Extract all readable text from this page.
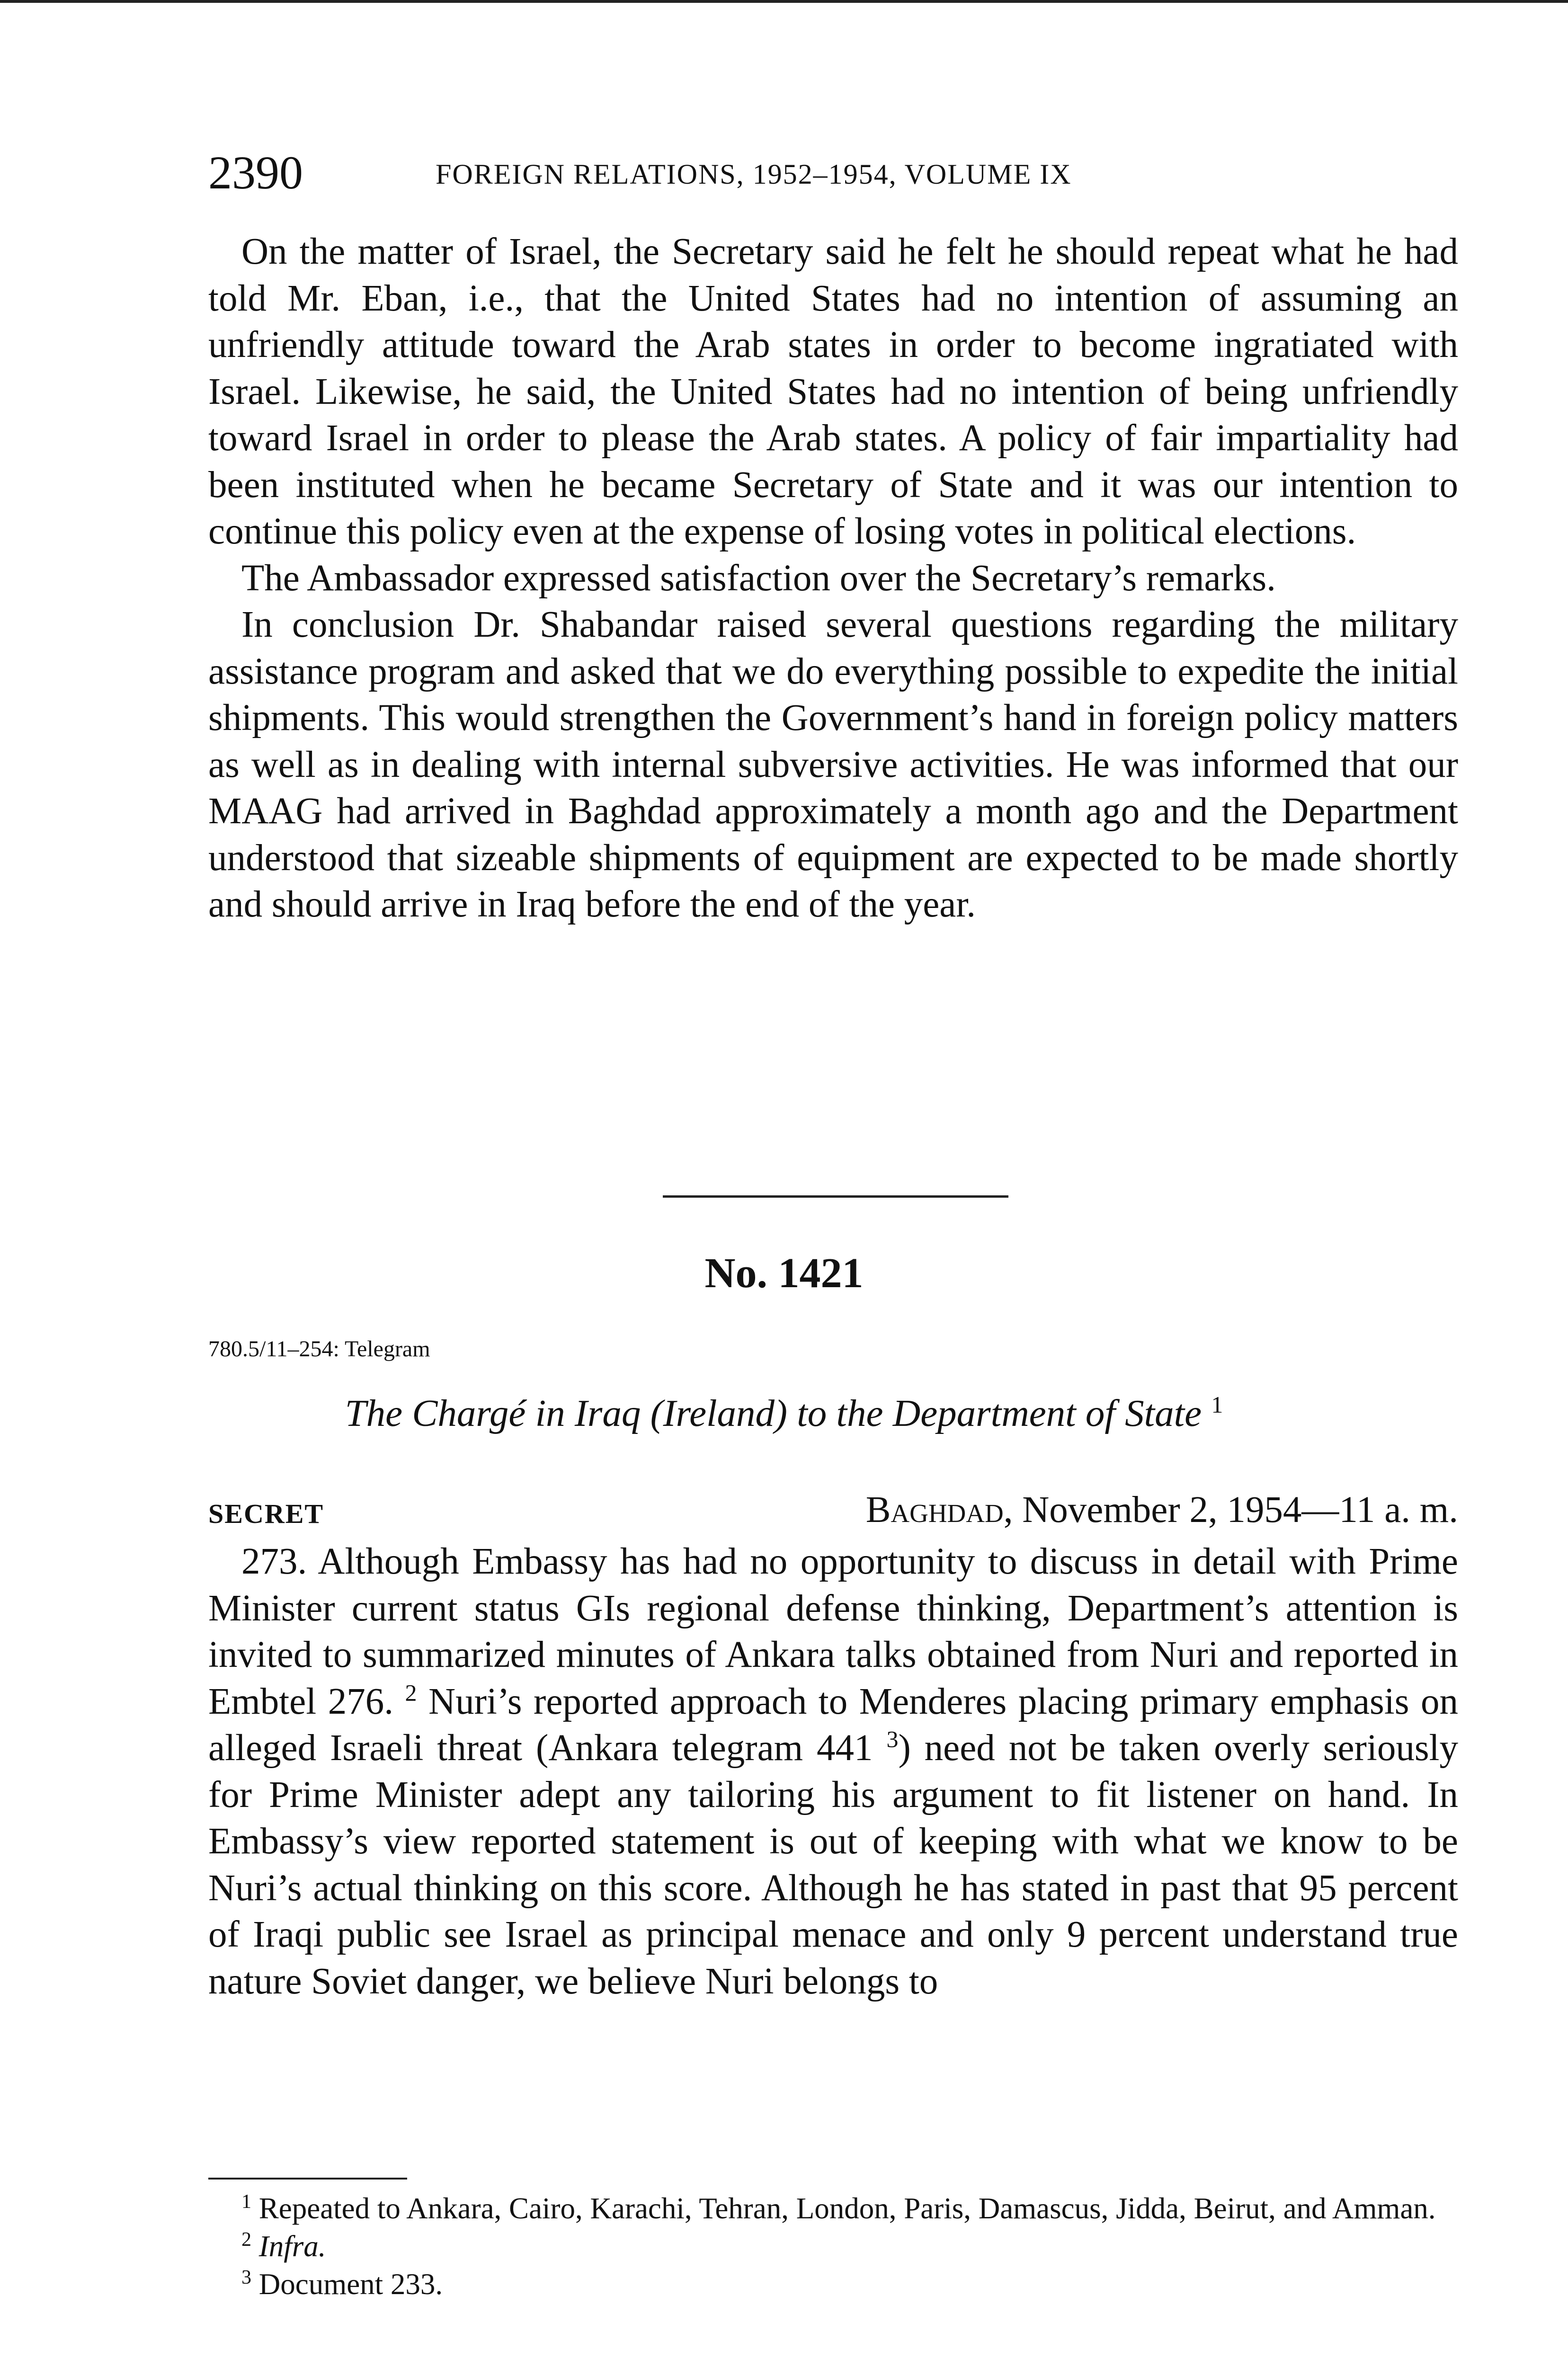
2390	FOREIGN RELATIONS, 1952–1954, VOLUME IX

On the matter of Israel, the Secretary said he felt he should repeat what he had told Mr. Eban, i.e., that the United States had no intention of assuming an unfriendly attitude toward the Arab states in order to become ingratiated with Israel. Likewise, he said, the United States had no intention of being unfriendly toward Israel in order to please the Arab states. A policy of fair impartiality had been instituted when he became Secretary of State and it was our intention to continue this policy even at the expense of losing votes in political elections.

The Ambassador expressed satisfaction over the Secretary’s remarks.

In conclusion Dr. Shabandar raised several questions regarding the military assistance program and asked that we do everything possible to expedite the initial shipments. This would strengthen the Government’s hand in foreign policy matters as well as in dealing with internal subversive activities. He was informed that our MAAG had arrived in Baghdad approximately a month ago and the Department understood that sizeable shipments of equipment are expected to be made shortly and should arrive in Iraq before the end of the year.

No. 1421
780.5/11–254: Telegram
The Chargé in Iraq (Ireland) to the Department of State $^1$
SECRET	Baghdad, November 2, 1954—11 a. m.

273. Although Embassy has had no opportunity to discuss in detail with Prime Minister current status GIs regional defense thinking, Department’s attention is invited to summarized minutes of Ankara talks obtained from Nuri and reported in Embtel 276. $^2$ Nuri’s reported approach to Menderes placing primary emphasis on alleged Israeli threat (Ankara telegram 441 $^3$) need not be taken overly seriously for Prime Minister adept any tailoring his argument to fit listener on hand. In Embassy’s view reported statement is out of keeping with what we know to be Nuri’s actual thinking on this score. Although he has stated in past that 95 percent of Iraqi public see Israel as principal menace and only 9 percent understand true nature Soviet danger, we believe Nuri belongs to

$^1$ Repeated to Ankara, Cairo, Karachi, Tehran, London, Paris, Damascus, Jidda, Beirut, and Amman.

$^2$ Infra.

$^3$ Document 233.
